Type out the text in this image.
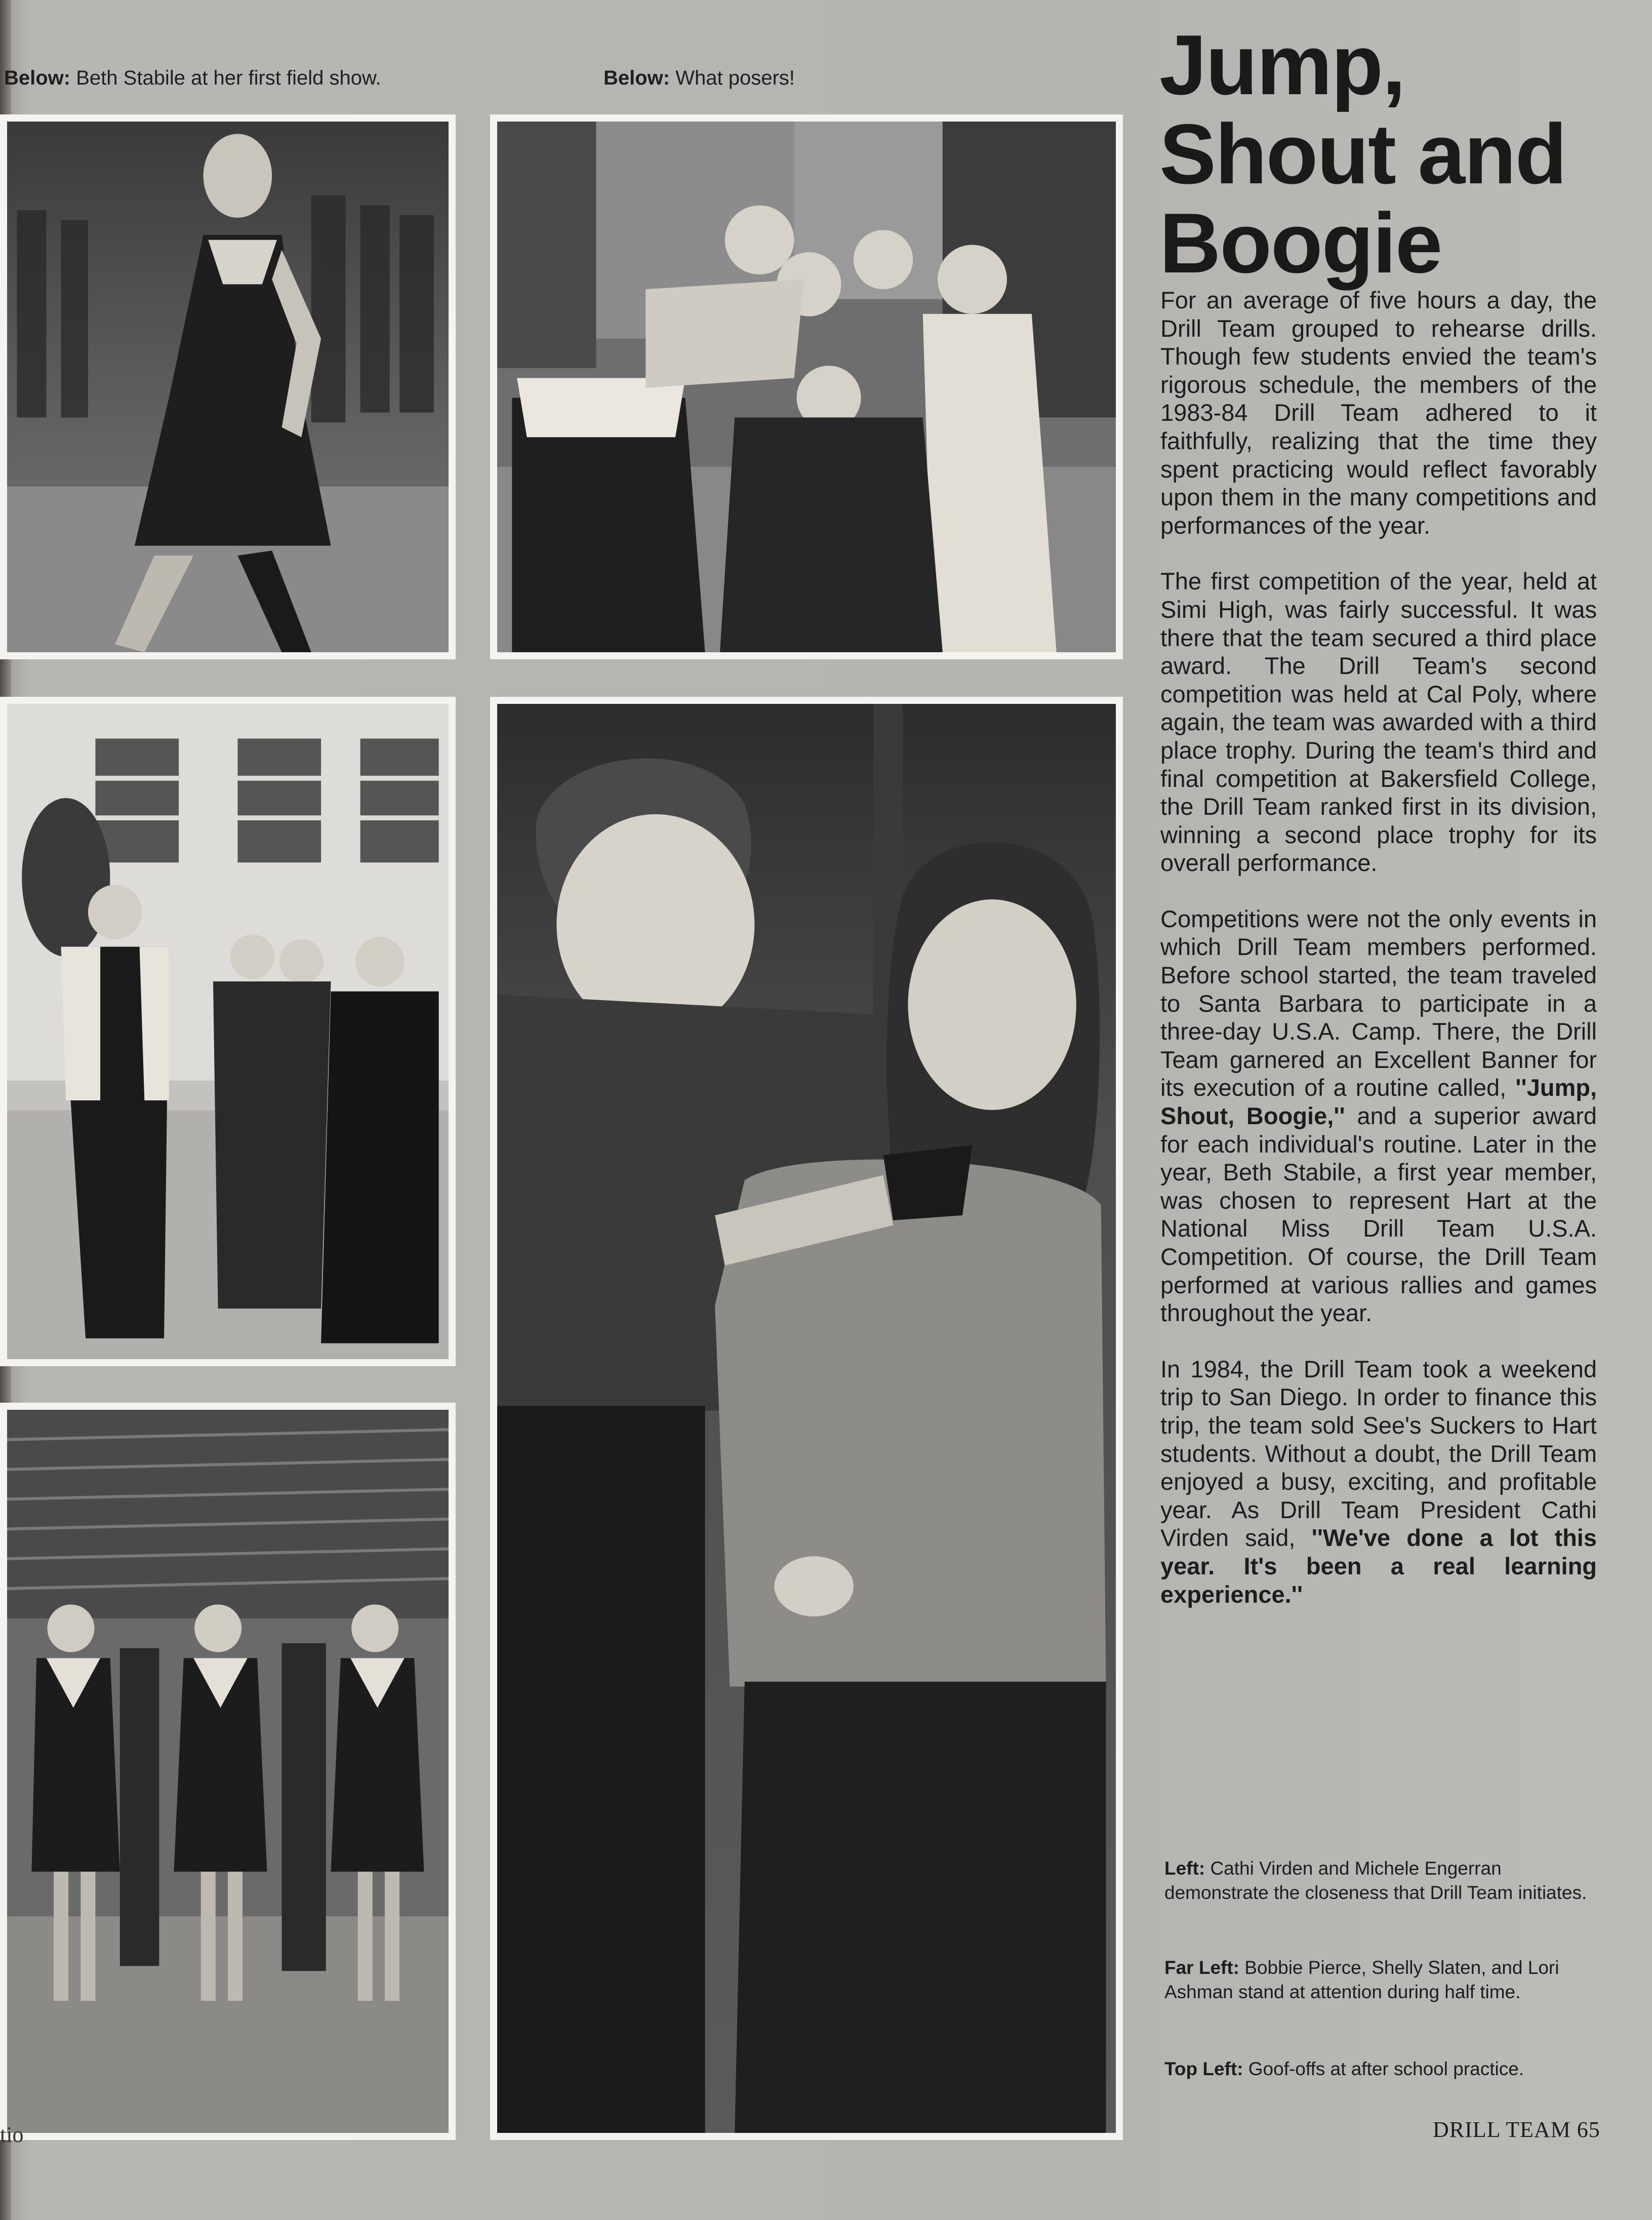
Below: Beth Stabile at her first field show.	Below: What posers!	Jump,
Shout and
Boogie

For an average of five hours a day, the Drill Team grouped to rehearse drills. Though few students envied the team's rigorous schedule, the members of the 1983-84 Drill Team adhered to it faithfully, realizing that the time they spent practicing would reflect favorably upon them in the many competitions and performances of the year.

The first competition of the year, held at Simi High, was fairly successful. It was there that the team secured a third place award. The Drill Team's second competition was held at Cal Poly, where again, the team was awarded with a third place trophy. During the team's third and final competition at Bakersfield College, the Drill Team ranked first in its division, winning a second place trophy for its overall performance.

Competitions were not the only events in which Drill Team members performed. Before school started, the team traveled to Santa Barbara to participate in a three-day U.S.A. Camp. There, the Drill Team garnered an Excellent Banner for its execution of a routine called, ''Jump, Shout, Boogie,'' and a superior award for each individual's routine. Later in the year, Beth Stabile, a first year member, was chosen to represent Hart at the National Miss Drill Team U.S.A. Competition. Of course, the Drill Team performed at various rallies and games throughout the year.

In 1984, the Drill Team took a weekend trip to San Diego. In order to finance this trip, the team sold See's Suckers to Hart students. Without a doubt, the Drill Team enjoyed a busy, exciting, and profitable year. As Drill Team President Cathi Virden said, ''We've done a lot this year. It's been a real learning experience.''

Left: Cathi Virden and Michele Engerran demonstrate the closeness that Drill Team initiates.
Far Left: Bobbie Pierce, Shelly Slaten, and Lori Ashman stand at attention during half time.
Top Left: Goof-offs at after school practice.
DRILL TEAM 65
tio
